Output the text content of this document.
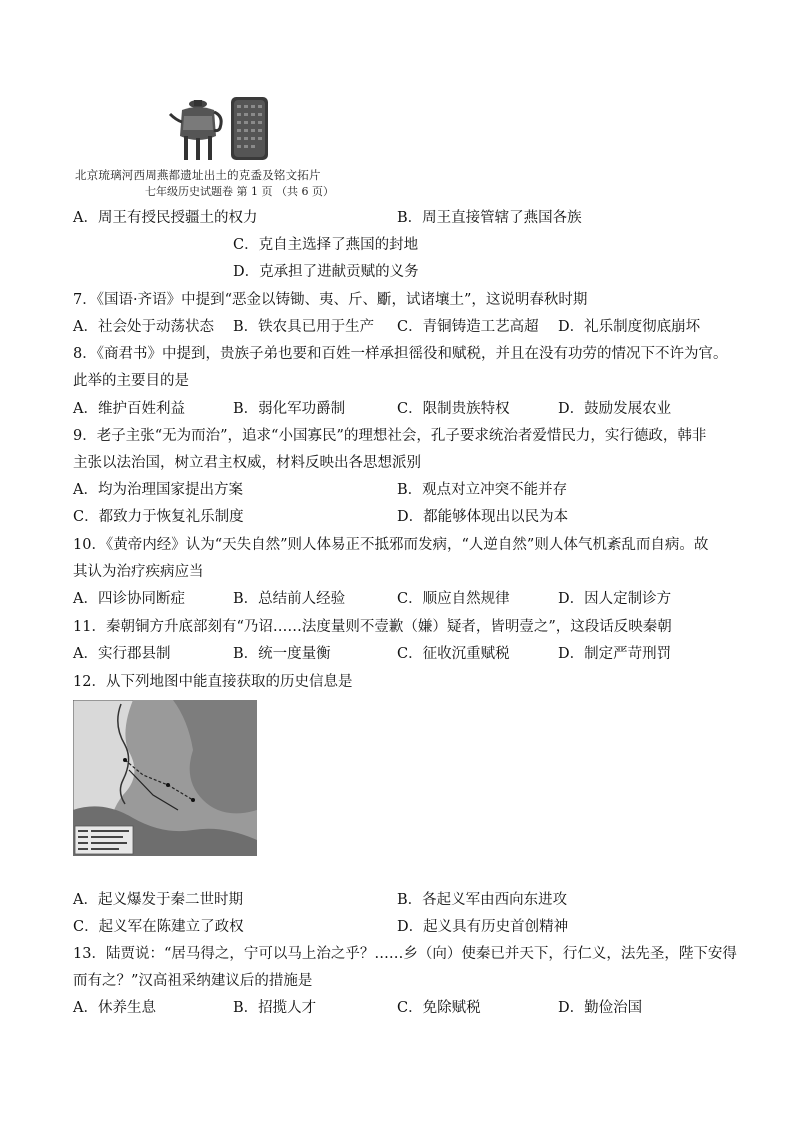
北京琉璃河西周燕都遗址出土的克盉及铭文拓片
七年级历史试题卷 第 1 页 （共 6 页）
A．周王有授民授疆土的权力	B．周王直接管辖了燕国各族
C．克自主选择了燕国的封地
D．克承担了进献贡赋的义务
7．《国语·齐语》中提到“恶金以铸锄、夷、斤、斸，试诸壤土”，这说明春秋时期
A．社会处于动荡状态 B．铁农具已用于生产 C．青铜铸造工艺高超 D．礼乐制度彻底崩坏
8．《商君书》中提到，贵族子弟也要和百姓一样承担徭役和赋税，并且在没有功劳的情况下不许为官。
此举的主要目的是
A．维护百姓利益	B．弱化军功爵制	C．限制贵族特权	D．鼓励发展农业
9．老子主张“无为而治”，追求“小国寡民”的理想社会，孔子要求统治者爱惜民力，实行德政，韩非
主张以法治国，树立君主权威，材料反映出各思想派别
A．均为治理国家提出方案	B．观点对立冲突不能并存
C．都致力于恢复礼乐制度	D．都能够体现出以民为本
10．《黄帝内经》认为“天失自然”则人体易正不抵邪而发病，“人逆自然”则人体气机紊乱而自病。故
其认为治疗疾病应当
A．四诊协同断症	B．总结前人经验	C．顺应自然规律	D．因人定制诊方
11．秦朝铜方升底部刻有“乃诏……法度量则不壹歉（嫌）疑者，皆明壹之”，这段话反映秦朝
A．实行郡县制	B．统一度量衡	C．征收沉重赋税	D．制定严苛刑罚
12．从下列地图中能直接获取的历史信息是
A．起义爆发于秦二世时期	B．各起义军由西向东进攻
C．起义军在陈建立了政权	D．起义具有历史首创精神
13．陆贾说：“居马得之，宁可以马上治之乎？……乡（向）使秦已并天下，行仁义，法先圣，陛下安得
而有之？”汉高祖采纳建议后的措施是
A．休养生息	B．招揽人才	C．免除赋税	D．勤俭治国
